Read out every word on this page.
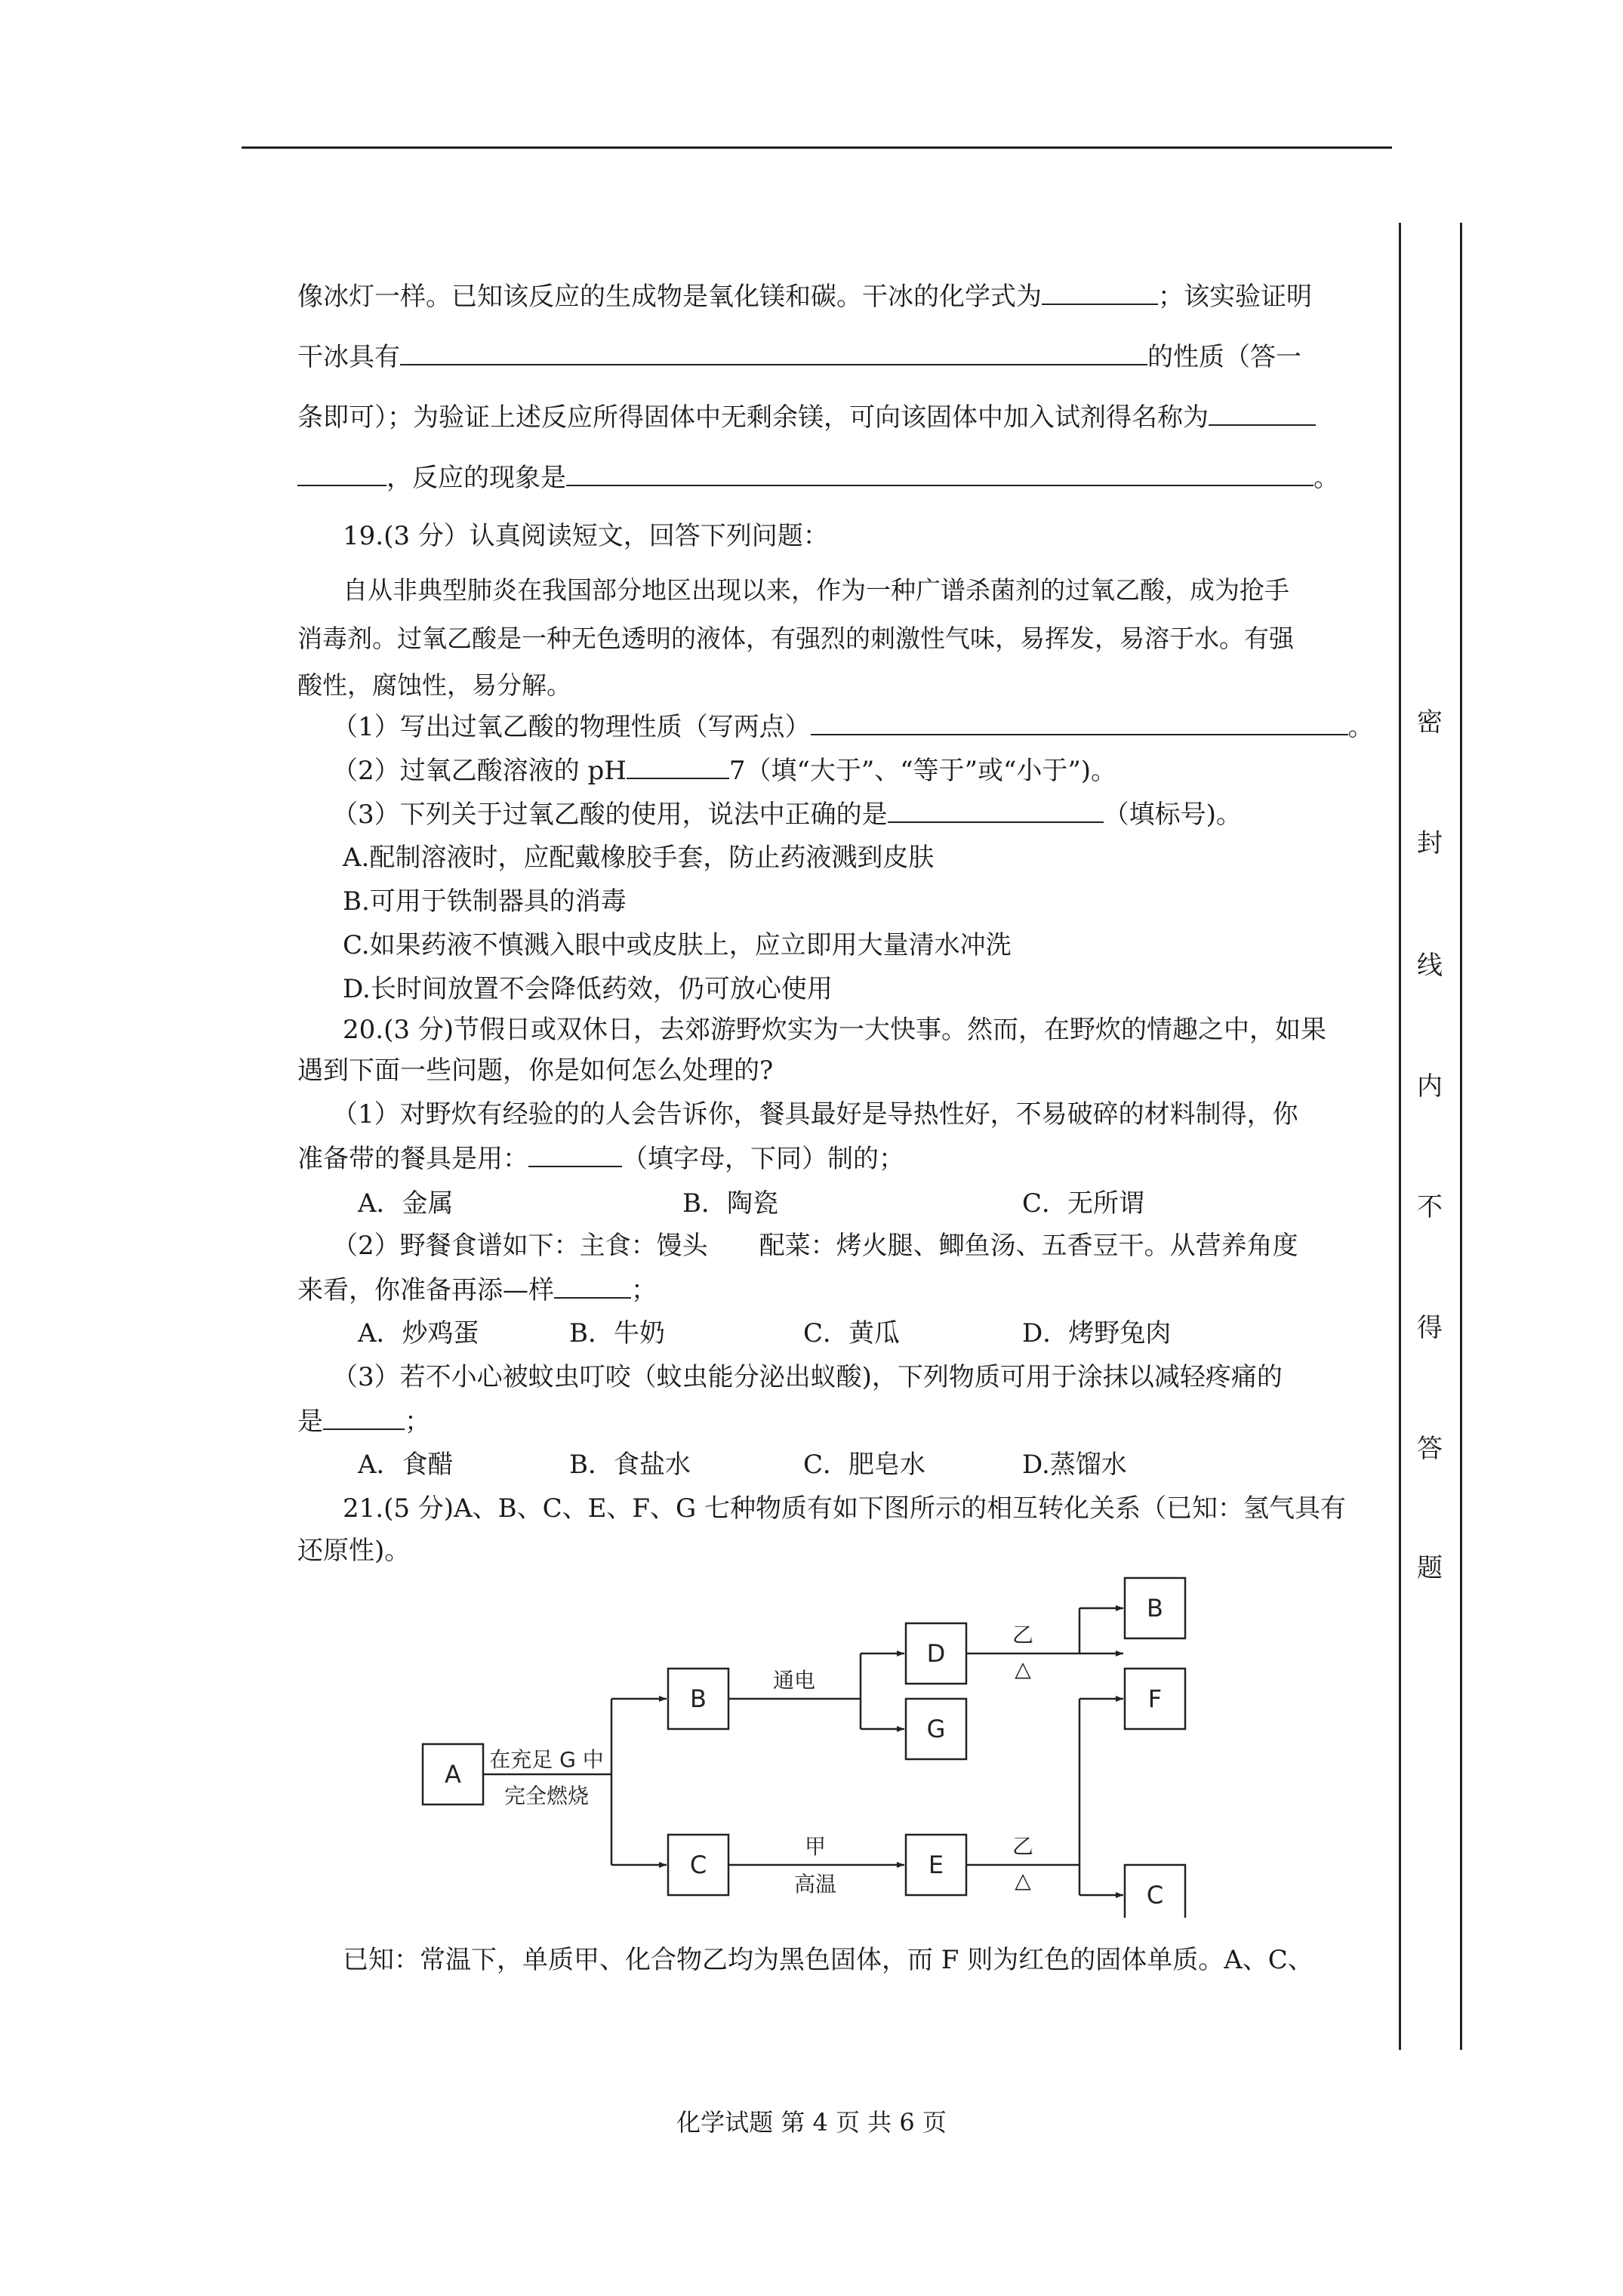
密
封
线
内
不
得
答
题
像冰灯一样。已知该反应的生成物是氧化镁和碳。干冰的化学式为	；该实验证明
干冰具有	的性质（答一
条即可）；为验证上述反应所得固体中无剩余镁，可向该固体中加入试剂得名称为
，反应的现象是	。
19.(3 分）认真阅读短文，回答下列问题：
自从非典型肺炎在我国部分地区出现以来，作为一种广谱杀菌剂的过氧乙酸，成为抢手
消毒剂。过氧乙酸是一种无色透明的液体，有强烈的刺激性气味，易挥发，易溶于水。有强
酸性，腐蚀性，易分解。
（1）写出过氧乙酸的物理性质（写两点）	。
（2）过氧乙酸溶液的 pH	7（填“大于”、“等于”或“小于”)。
（3）下列关于过氧乙酸的使用，说法中正确的是	（填标号)。
A.配制溶液时，应配戴橡胶手套，防止药液溅到皮肤
B.可用于铁制器具的消毒
C.如果药液不慎溅入眼中或皮肤上，应立即用大量清水冲洗
D.长时间放置不会降低药效，仍可放心使用
20.(3 分)节假日或双休日，去郊游野炊实为一大快事。然而，在野炊的情趣之中，如果
遇到下面一些问题，你是如何怎么处理的?
（1）对野炊有经验的的人会告诉你，餐具最好是导热性好，不易破碎的材料制得，你
准备带的餐具是用：	（填字母，下同）制的；
A．金属	B．陶瓷	C．无所谓
（2）野餐食谱如下：主食：馒头　　配菜：烤火腿、鲫鱼汤、五香豆干。从营养角度
来看，你准备再添—样	；
A．炒鸡蛋	B．牛奶	C．黄瓜	D．烤野兔肉
（3）若不小心被蚊虫叮咬（蚊虫能分泌出蚁酸)，下列物质可用于涂抹以减轻疼痛的
是	；
A．食醋	B．食盐水	C．肥皂水	D.蒸馏水
21.(5 分)A、B、C、E、F、G 七种物质有如下图所示的相互转化关系（已知：氢气具有
还原性)。
A
B
C
D
G
E
B
F
C
在充足 G 中
完全燃烧
通电
甲
高温
乙
△
乙
△
已知：常温下，单质甲、化合物乙均为黑色固体，而 F 则为红色的固体单质。A、C、
化学试题 第 4 页 共 6 页
